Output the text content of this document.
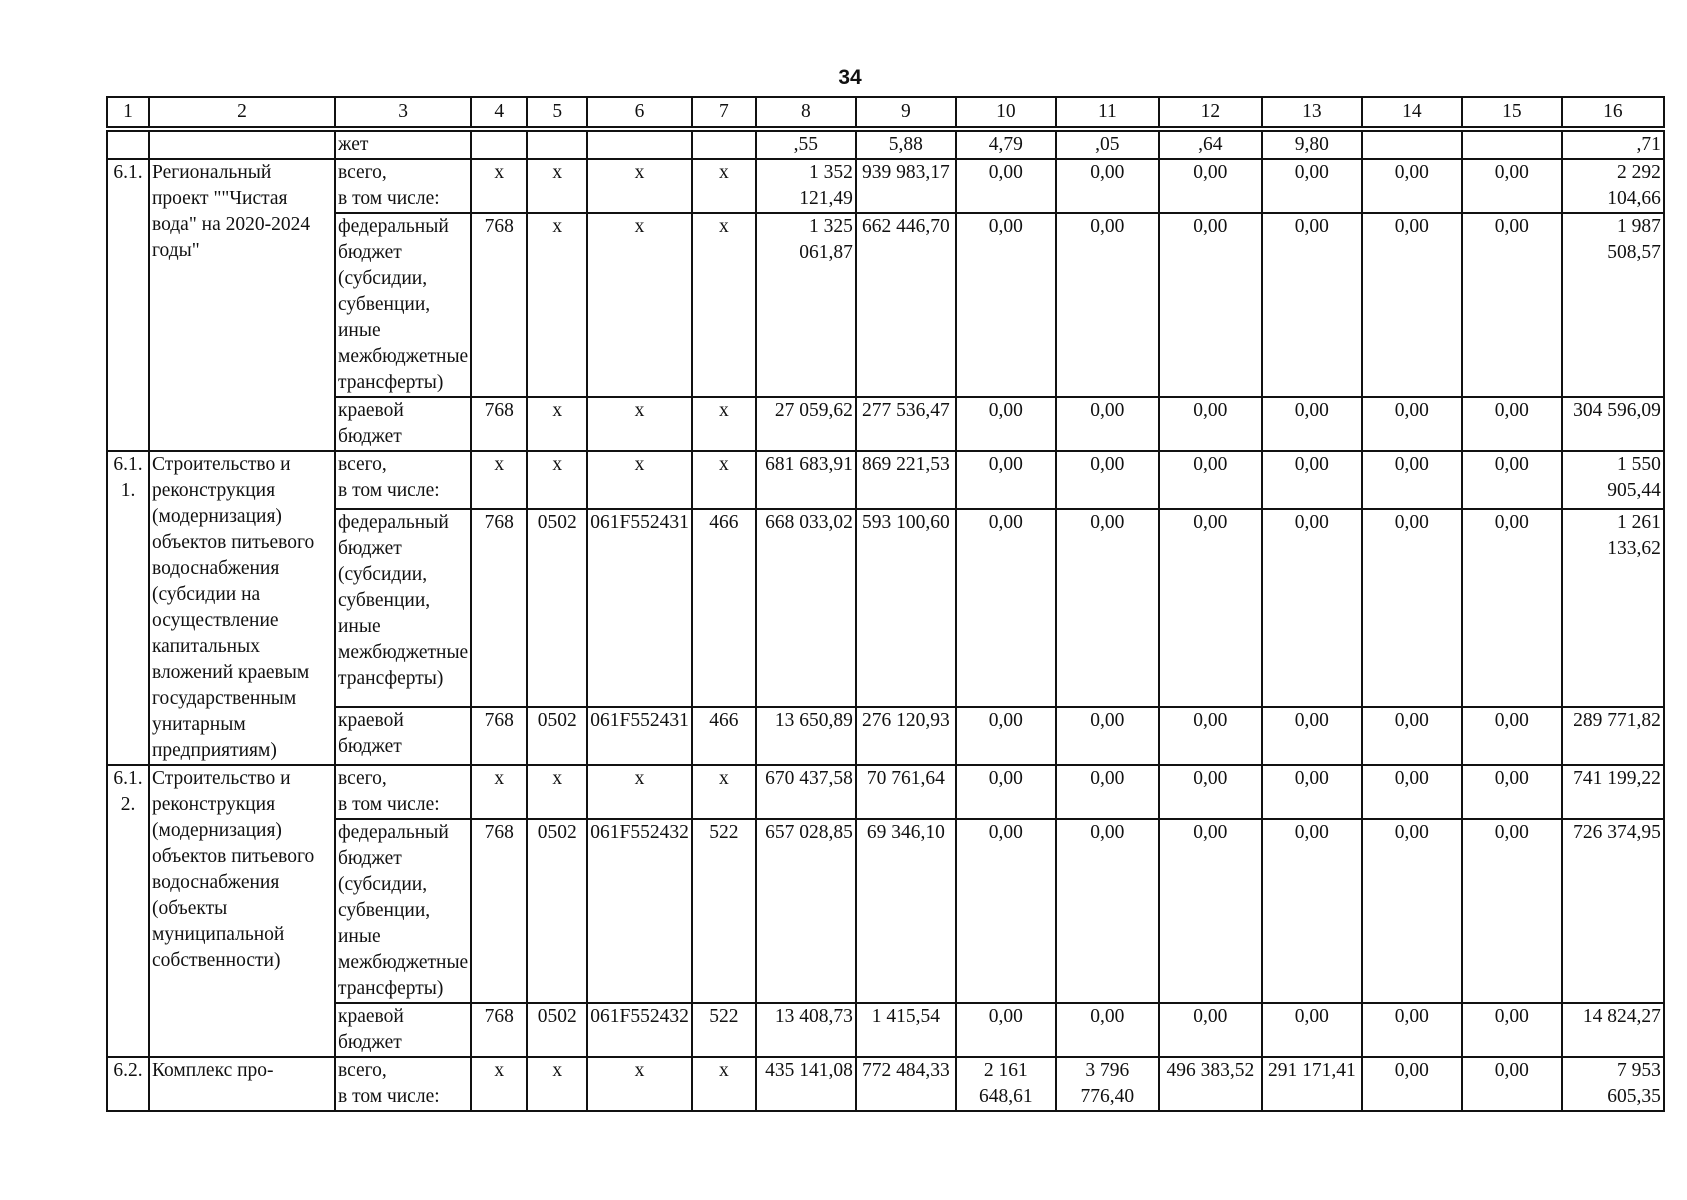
34
1	2	3	4	5	6	7	8	9	10	11	12	13	14	15	16

		жет					,55	5,88	4,79	,05	,64	9,80			,71
6.1.	Региональный проект ""Чистая вода" на 2020-2024 годы"	всего,
в том числе:	x	x	x	x	1 352 121,49	939 983,17	0,00	0,00	0,00	0,00	0,00	0,00	2 292 104,66
		федеральный бюджет (субсидии, субвенции, иные межбюджетные трансферты)	768	x	x	x	1 325 061,87	662 446,70	0,00	0,00	0,00	0,00	0,00	0,00	1 987 508,57
		краевой бюджет	768	x	x	x	27 059,62	277 536,47	0,00	0,00	0,00	0,00	0,00	0,00	304 596,09
6.1.1.	Строительство и реконструкция (модернизация) объектов питьевого водоснабжения (субсидии на осуществление капитальных вложений краевым государственным унитарным предприятиям)	всего,
в том числе:	x	x	x	x	681 683,91	869 221,53	0,00	0,00	0,00	0,00	0,00	0,00	1 550 905,44
		федеральный бюджет (субсидии, субвенции, иные межбюджетные трансферты)	768	0502	061F552431	466	668 033,02	593 100,60	0,00	0,00	0,00	0,00	0,00	0,00	1 261 133,62
		краевой бюджет	768	0502	061F552431	466	13 650,89	276 120,93	0,00	0,00	0,00	0,00	0,00	0,00	289 771,82
6.1.2.	Строительство и реконструкция (модернизация) объектов питьевого водоснабжения (объекты муниципальной собственности)	всего,
в том числе:	x	x	x	x	670 437,58	70 761,64	0,00	0,00	0,00	0,00	0,00	0,00	741 199,22
		федеральный бюджет (субсидии, субвенции, иные межбюджетные трансферты)	768	0502	061F552432	522	657 028,85	69 346,10	0,00	0,00	0,00	0,00	0,00	0,00	726 374,95
		краевой бюджет	768	0502	061F552432	522	13 408,73	1 415,54	0,00	0,00	0,00	0,00	0,00	0,00	14 824,27
6.2.	Комплекс про-	всего,
в том числе:	x	x	x	x	435 141,08	772 484,33	2 161 648,61	3 796 776,40	496 383,52	291 171,41	0,00	0,00	7 953 605,35
